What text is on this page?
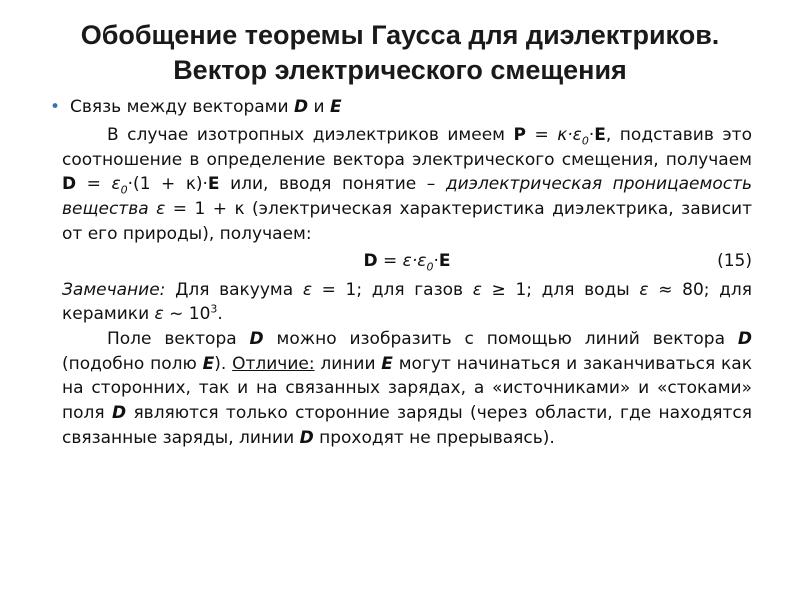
Обобщение теоремы Гаусса для диэлектриков.
Вектор электрического смещения
• Связь между векторами D и E

В случае изотропных диэлектриков имеем $P = \kappa\cdot\varepsilon_0\cdot E$, подставив это соотношение в определение вектора электрического смещения, получаем $D = \varepsilon_0\cdot(1 + \kappa)\cdot E$ или, вводя понятие – диэлектрическая проницаемость вещества ε = 1 + κ (электрическая характеристика диэлектрика, зависит от его природы), получаем:

$D = \varepsilon\cdot\varepsilon_0\cdot E$	(15)

Замечание: Для вакуума ε = 1; для газов ε ≥ 1; для воды ε ≈ 80; для керамики ε ~ $10^3$.

Поле вектора D можно изобразить с помощью линий вектора D (подобно полю E). Отличие: линии E могут начинаться и заканчиваться как на сторонних, так и на связанных зарядах, а «источниками» и «стоками» поля D являются только сторонние заряды (через области, где находятся связанные заряды, линии D проходят не прерываясь).
